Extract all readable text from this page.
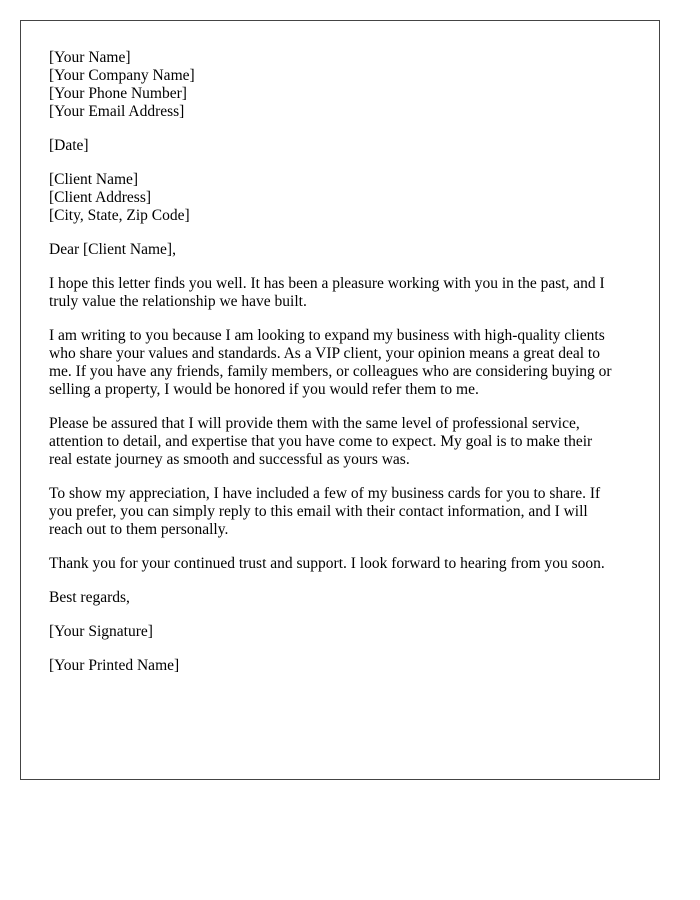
[Your Name]
[Your Company Name]
[Your Phone Number]
[Your Email Address]
[Date]
[Client Name]
[Client Address]
[City, State, Zip Code]

Dear [Client Name],

I hope this letter finds you well. It has been a pleasure working with you in the past, and I
truly value the relationship we have built.

I am writing to you because I am looking to expand my business with high-quality clients
who share your values and standards. As a VIP client, your opinion means a great deal to
me. If you have any friends, family members, or colleagues who are considering buying or
selling a property, I would be honored if you would refer them to me.

Please be assured that I will provide them with the same level of professional service,
attention to detail, and expertise that you have come to expect. My goal is to make their
real estate journey as smooth and successful as yours was.

To show my appreciation, I have included a few of my business cards for you to share. If
you prefer, you can simply reply to this email with their contact information, and I will
reach out to them personally.

Thank you for your continued trust and support. I look forward to hearing from you soon.

Best regards,

[Your Signature]

[Your Printed Name]
